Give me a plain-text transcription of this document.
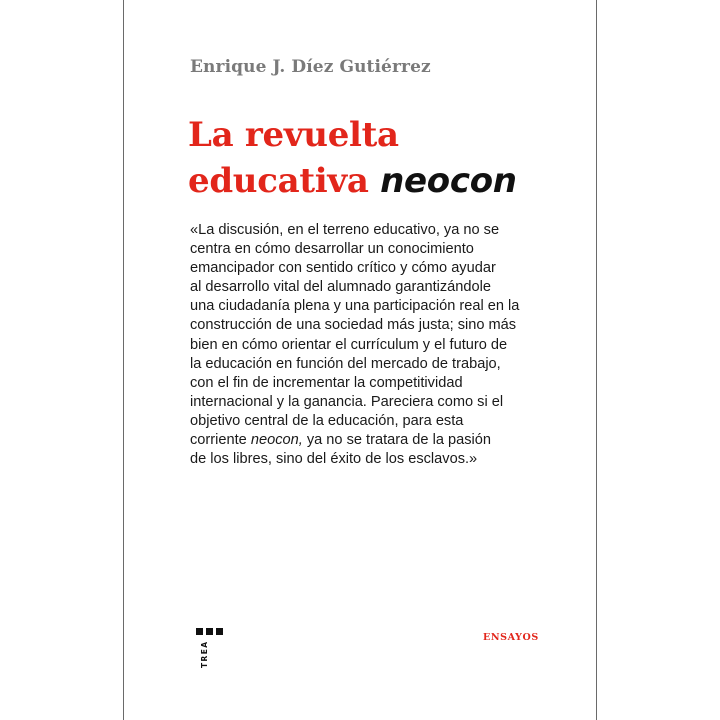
Enrique J. Díez Gutiérrez
La revuelta
educativa neocon
«La discusión, en el terreno educativo, ya no se
centra en cómo desarrollar un conocimiento
emancipador con sentido crítico y cómo ayudar
al desarrollo vital del alumnado garantizándole
una ciudadanía plena y una participación real en la
construcción de una sociedad más justa; sino más
bien en cómo orientar el currículum y el futuro de
la educación en función del mercado de trabajo,
con el fin de incrementar la competitividad
internacional y la ganancia. Pareciera como si el
objetivo central de la educación, para esta
corriente neocon, ya no se tratara de la pasión
de los libres, sino del éxito de los esclavos.»
TREA
ENSAYOS
